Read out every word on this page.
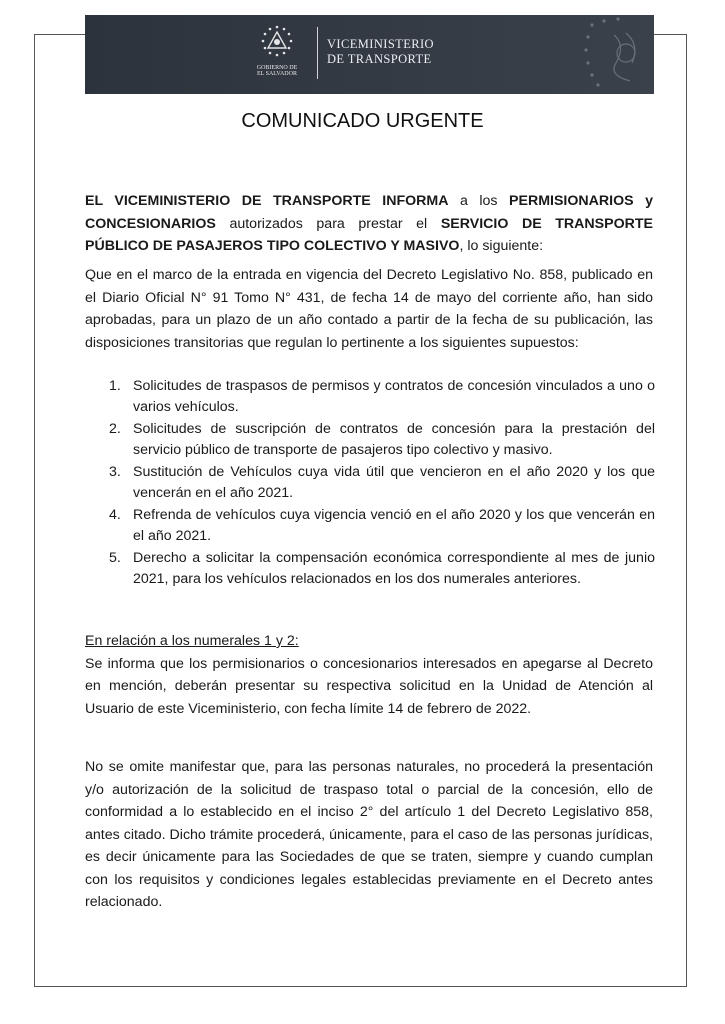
GOBIERNO DE
EL SALVADOR
VICEMINISTERIO
DE TRANSPORTE
COMUNICADO URGENTE
EL VICEMINISTERIO DE TRANSPORTE INFORMA a los PERMISIONARIOS y CONCESIONARIOS autorizados para prestar el SERVICIO DE TRANSPORTE PÚBLICO DE PASAJEROS TIPO COLECTIVO Y MASIVO, lo siguiente:
Que en el marco de la entrada en vigencia del Decreto Legislativo No. 858, publicado en el Diario Oficial N° 91 Tomo N° 431, de fecha 14 de mayo del corriente año, han sido aprobadas, para un plazo de un año contado a partir de la fecha de su publicación, las disposiciones transitorias que regulan lo pertinente a los siguientes supuestos:
1. Solicitudes de traspasos de permisos y contratos de concesión vinculados a uno o varios vehículos.
2. Solicitudes de suscripción de contratos de concesión para la prestación del servicio público de transporte de pasajeros tipo colectivo y masivo.
3. Sustitución de Vehículos cuya vida útil que vencieron en el año 2020 y los que vencerán en el año 2021.
4. Refrenda de vehículos cuya vigencia venció en el año 2020 y los que vencerán en el año 2021.
5. Derecho a solicitar la compensación económica correspondiente al mes de junio 2021, para los vehículos relacionados en los dos numerales anteriores.
En relación a los numerales 1 y 2:
Se informa que los permisionarios o concesionarios interesados en apegarse al Decreto en mención, deberán presentar su respectiva solicitud en la Unidad de Atención al Usuario de este Viceministerio, con fecha límite 14 de febrero de 2022.
No se omite manifestar que, para las personas naturales, no procederá la presentación y/o autorización de la solicitud de traspaso total o parcial de la concesión, ello de conformidad a lo establecido en el inciso 2° del artículo 1 del Decreto Legislativo 858, antes citado. Dicho trámite procederá, únicamente, para el caso de las personas jurídicas, es decir únicamente para las Sociedades de que se traten, siempre y cuando cumplan con los requisitos y condiciones legales establecidas previamente en el Decreto antes relacionado.
